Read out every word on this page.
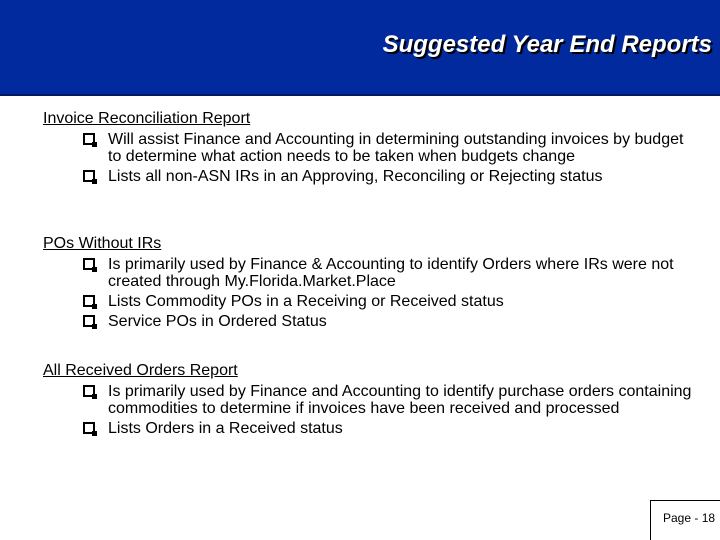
Suggested Year End Reports
Invoice Reconciliation Report
Will assist Finance and Accounting in determining outstanding invoices by budget to determine what action needs to be taken when budgets change
Lists all non-ASN IRs in an Approving, Reconciling or Rejecting status
POs Without IRs
Is primarily used by Finance & Accounting to identify Orders where IRs were not created through My.Florida.Market.Place
Lists Commodity POs in a Receiving or Received status
Service POs in Ordered Status
All Received Orders Report
Is primarily used by Finance and Accounting to identify purchase orders containing commodities to determine if invoices have been received and processed
Lists Orders in a Received status
Page - 18
